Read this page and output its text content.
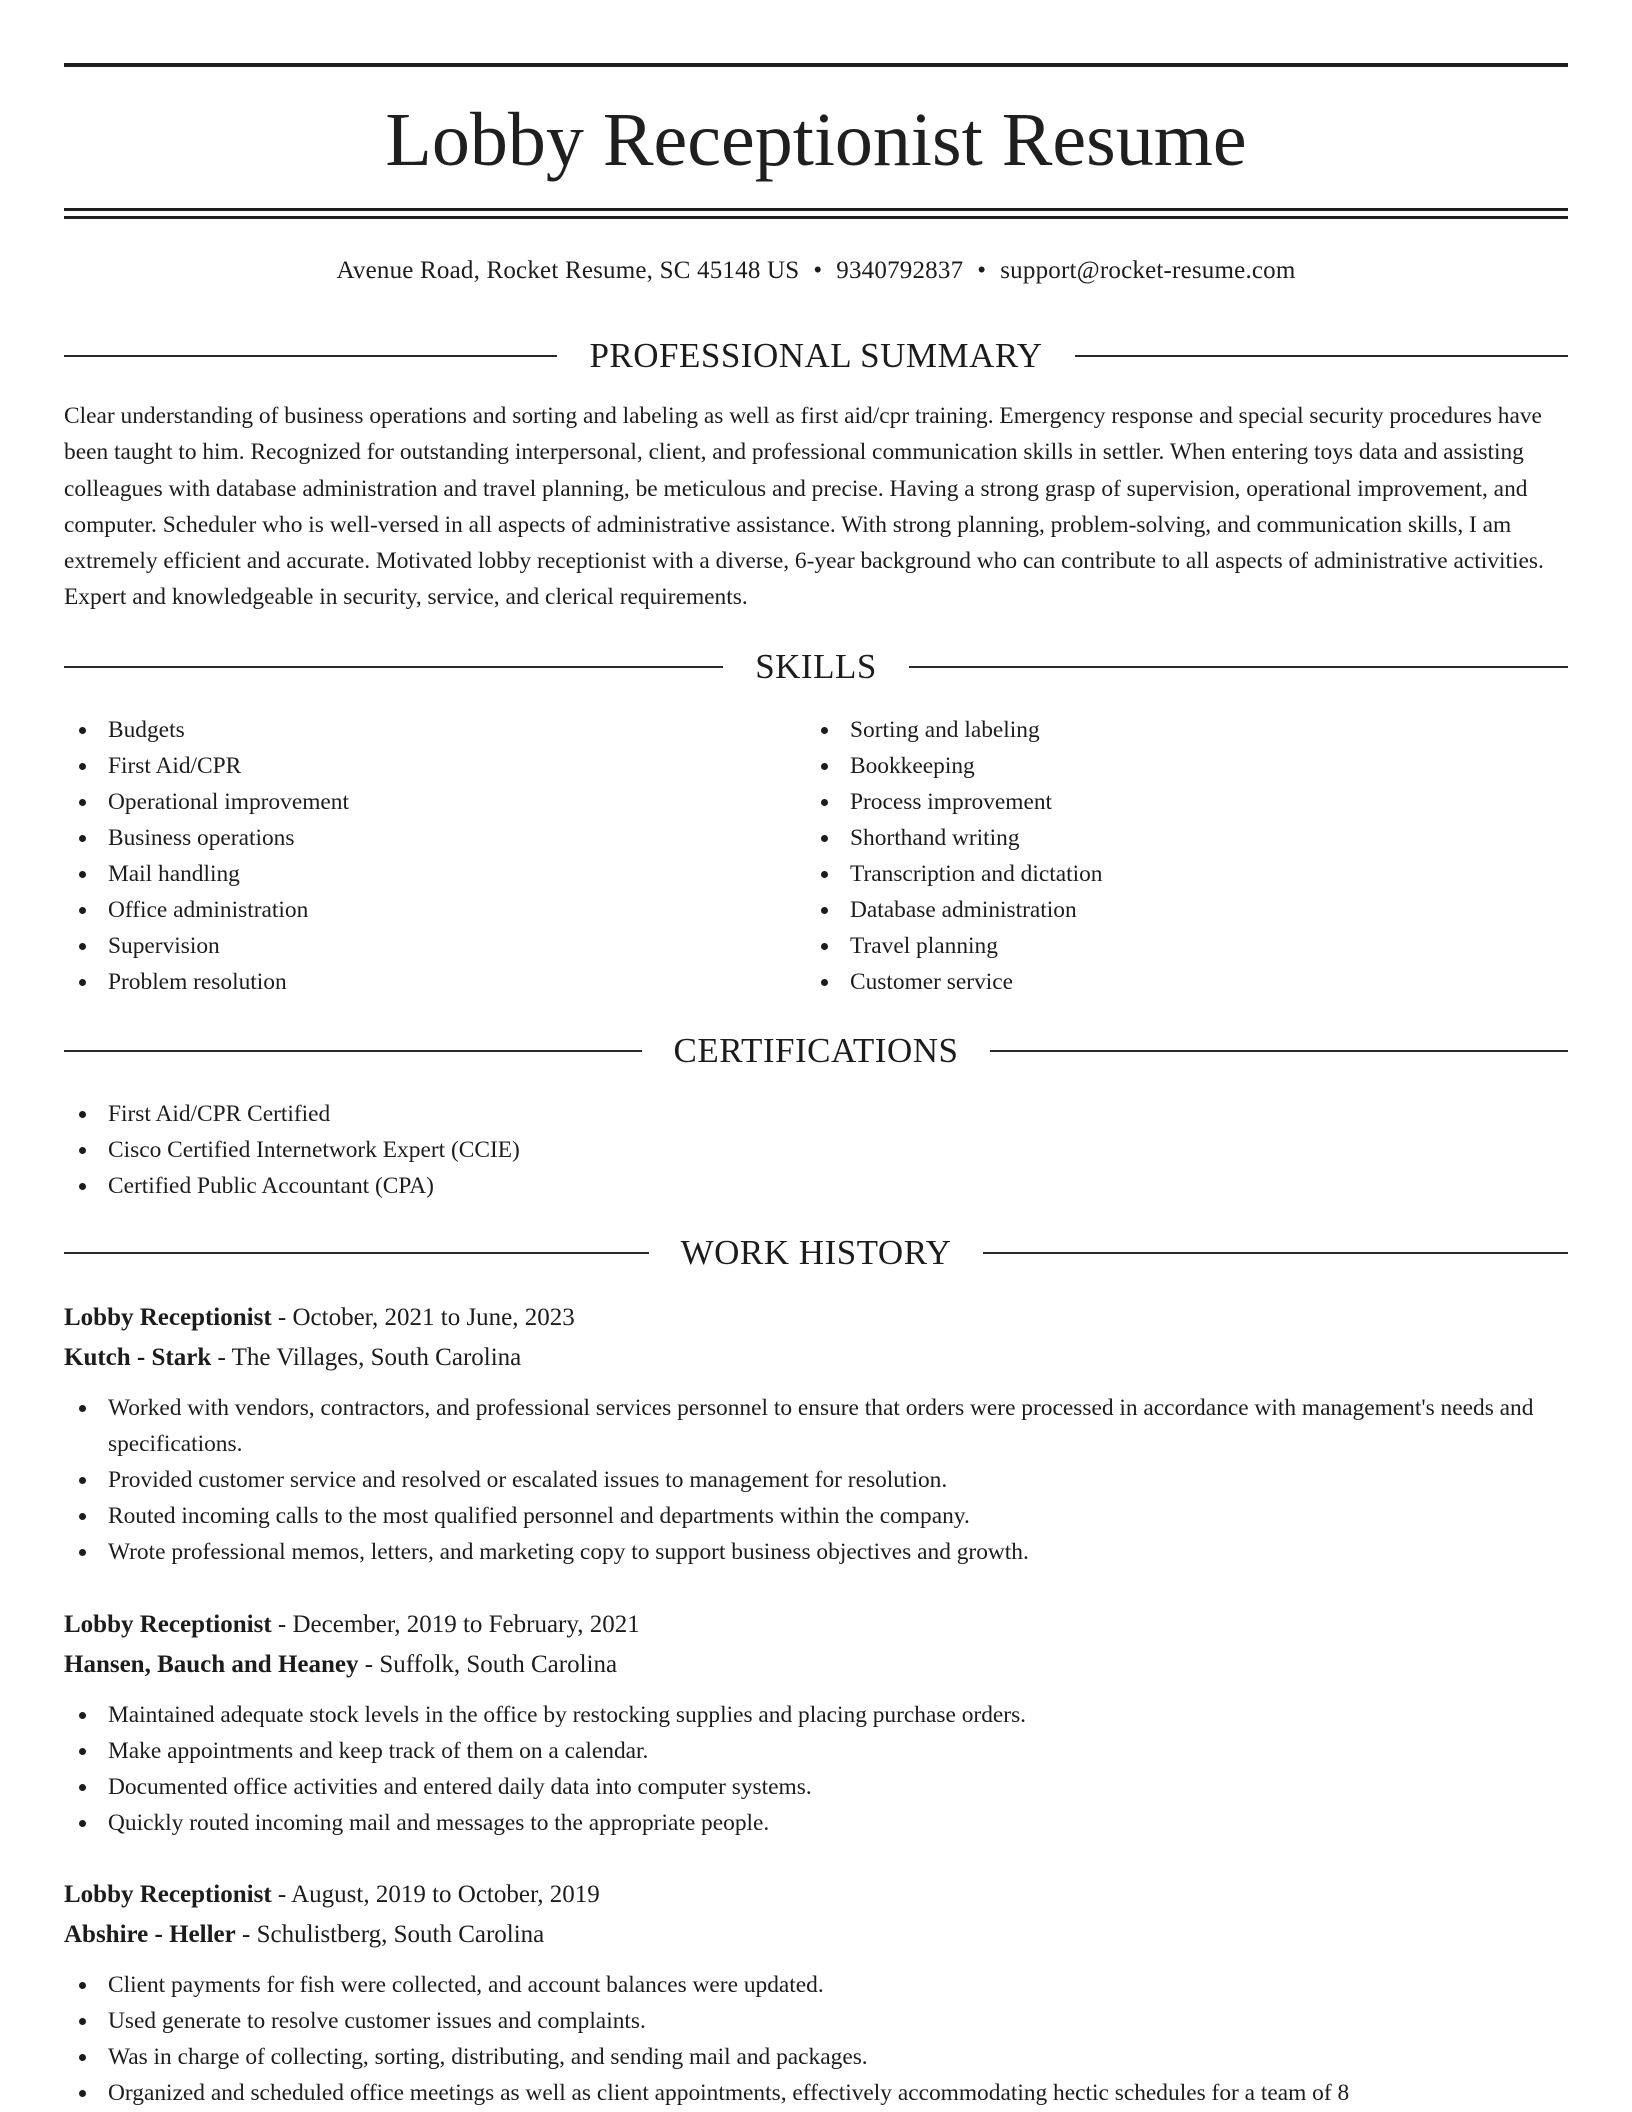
Lobby Receptionist Resume
Avenue Road, Rocket Resume, SC 45148 US • 9340792837 • support@rocket-resume.com
PROFESSIONAL SUMMARY

Clear understanding of business operations and sorting and labeling as well as first aid/cpr training. Emergency response and special security procedures have been taught to him. Recognized for outstanding interpersonal, client, and professional communication skills in settler. When entering toys data and assisting colleagues with database administration and travel planning, be meticulous and precise. Having a strong grasp of supervision, operational improvement, and computer. Scheduler who is well-versed in all aspects of administrative assistance. With strong planning, problem-solving, and communication skills, I am extremely efficient and accurate. Motivated lobby receptionist with a diverse, 6-year background who can contribute to all aspects of administrative activities. Expert and knowledgeable in security, service, and clerical requirements.

SKILLS
Budgets
First Aid/CPR
Operational improvement
Business operations
Mail handling
Office administration
Supervision
Problem resolution
Sorting and labeling
Bookkeeping
Process improvement
Shorthand writing
Transcription and dictation
Database administration
Travel planning
Customer service
CERTIFICATIONS
First Aid/CPR Certified
Cisco Certified Internetwork Expert (CCIE)
Certified Public Accountant (CPA)
WORK HISTORY
Lobby Receptionist - October, 2021 to June, 2023
Kutch - Stark - The Villages, South Carolina
Worked with vendors, contractors, and professional services personnel to ensure that orders were processed in accordance with management's needs and specifications.
Provided customer service and resolved or escalated issues to management for resolution.
Routed incoming calls to the most qualified personnel and departments within the company.
Wrote professional memos, letters, and marketing copy to support business objectives and growth.
Lobby Receptionist - December, 2019 to February, 2021
Hansen, Bauch and Heaney - Suffolk, South Carolina
Maintained adequate stock levels in the office by restocking supplies and placing purchase orders.
Make appointments and keep track of them on a calendar.
Documented office activities and entered daily data into computer systems.
Quickly routed incoming mail and messages to the appropriate people.
Lobby Receptionist - August, 2019 to October, 2019
Abshire - Heller - Schulistberg, South Carolina
Client payments for fish were collected, and account balances were updated.
Used generate to resolve customer issues and complaints.
Was in charge of collecting, sorting, distributing, and sending mail and packages.
Organized and scheduled office meetings as well as client appointments, effectively accommodating hectic schedules for a team of 8
